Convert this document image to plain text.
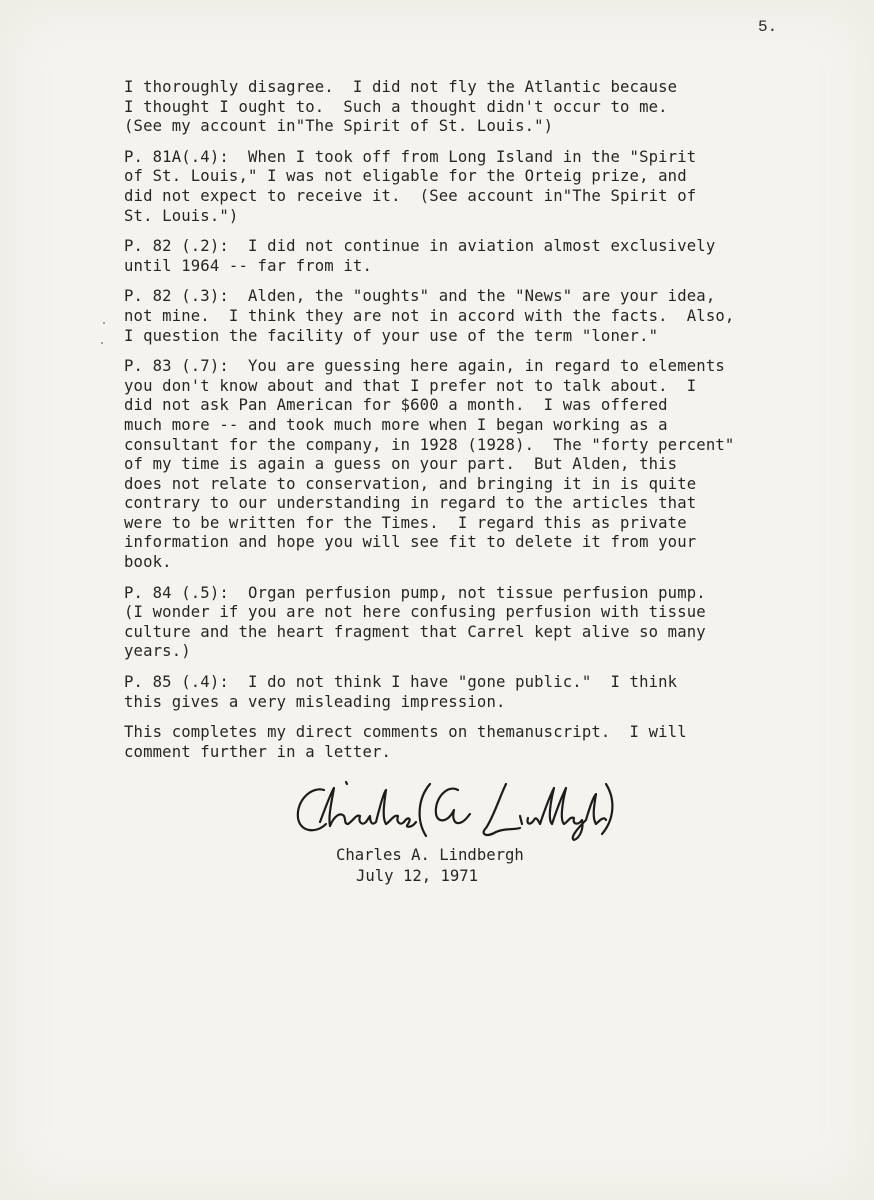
5.
I thoroughly disagree.  I did not fly the Atlantic because
I thought I ought to.  Such a thought didn't occur to me.
(See my account in"The Spirit of St. Louis.")
P. 81A(.4):  When I took off from Long Island in the "Spirit
of St. Louis," I was not eligable for the Orteig prize, and
did not expect to receive it.  (See account in"The Spirit of
St. Louis.")
P. 82 (.2):  I did not continue in aviation almost exclusively
until 1964 -- far from it.
P. 82 (.3):  Alden, the "oughts" and the "News" are your idea,
not mine.  I think they are not in accord with the facts.  Also,
I question the facility of your use of the term "loner."
P. 83 (.7):  You are guessing here again, in regard to elements
you don't know about and that I prefer not to talk about.  I
did not ask Pan American for $600 a month.  I was offered
much more -- and took much more when I began working as a
consultant for the company, in 1928 (1928).  The "forty percent"
of my time is again a guess on your part.  But Alden, this
does not relate to conservation, and bringing it in is quite
contrary to our understanding in regard to the articles that
were to be written for the Times.  I regard this as private
information and hope you will see fit to delete it from your
book.
P. 84 (.5):  Organ perfusion pump, not tissue perfusion pump.
(I wonder if you are not here confusing perfusion with tissue
culture and the heart fragment that Carrel kept alive so many
years.)
P. 85 (.4):  I do not think I have "gone public."  I think
this gives a very misleading impression.
This completes my direct comments on themanuscript.  I will
comment further in a letter.
Charles A. Lindbergh
July 12, 1971
